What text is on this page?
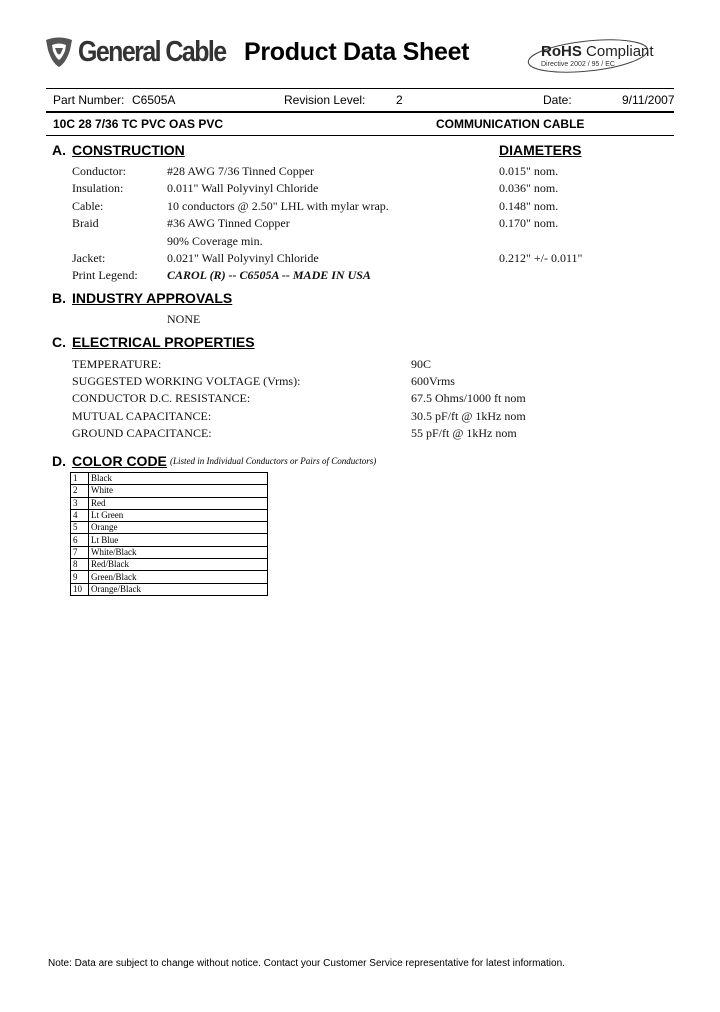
General Cable Product Data Sheet	RoHS Compliant
Directive 2002 / 95 / EC
Part Number: C6505A	Revision Level:	2	Date:	9/11/2007
10C 28 7/36 TC PVC OAS PVC	COMMUNICATION CABLE
A. CONSTRUCTION	DIAMETERS
Conductor:	#28 AWG 7/36 Tinned Copper	0.015" nom.
Insulation:	0.011" Wall Polyvinyl Chloride	0.036" nom.
Cable:	10 conductors @ 2.50" LHL with mylar wrap.	0.148" nom.
Braid	#36 AWG Tinned Copper	0.170" nom.
90% Coverage min.
Jacket:	0.021" Wall Polyvinyl Chloride	0.212" +/- 0.011"
Print Legend: CAROL (R) -- C6505A -- MADE IN USA
B. INDUSTRY APPROVALS
NONE
C. ELECTRICAL PROPERTIES
TEMPERATURE:	90C
SUGGESTED WORKING VOLTAGE (Vrms):	600Vrms
CONDUCTOR D.C. RESISTANCE:	67.5 Ohms/1000 ft nom
MUTUAL CAPACITANCE:	30.5 pF/ft @ 1kHz nom
GROUND CAPACITANCE:	55 pF/ft @ 1kHz nom
D. COLOR CODE (Listed in Individual Conductors or Pairs of Conductors)
1	Black
2	White
3	Red
4	Lt Green
5	Orange
6	Lt Blue
7	White/Black
8	Red/Black
9	Green/Black
10	Orange/Black
Note: Data are subject to change without notice. Contact your Customer Service representative for latest information.
